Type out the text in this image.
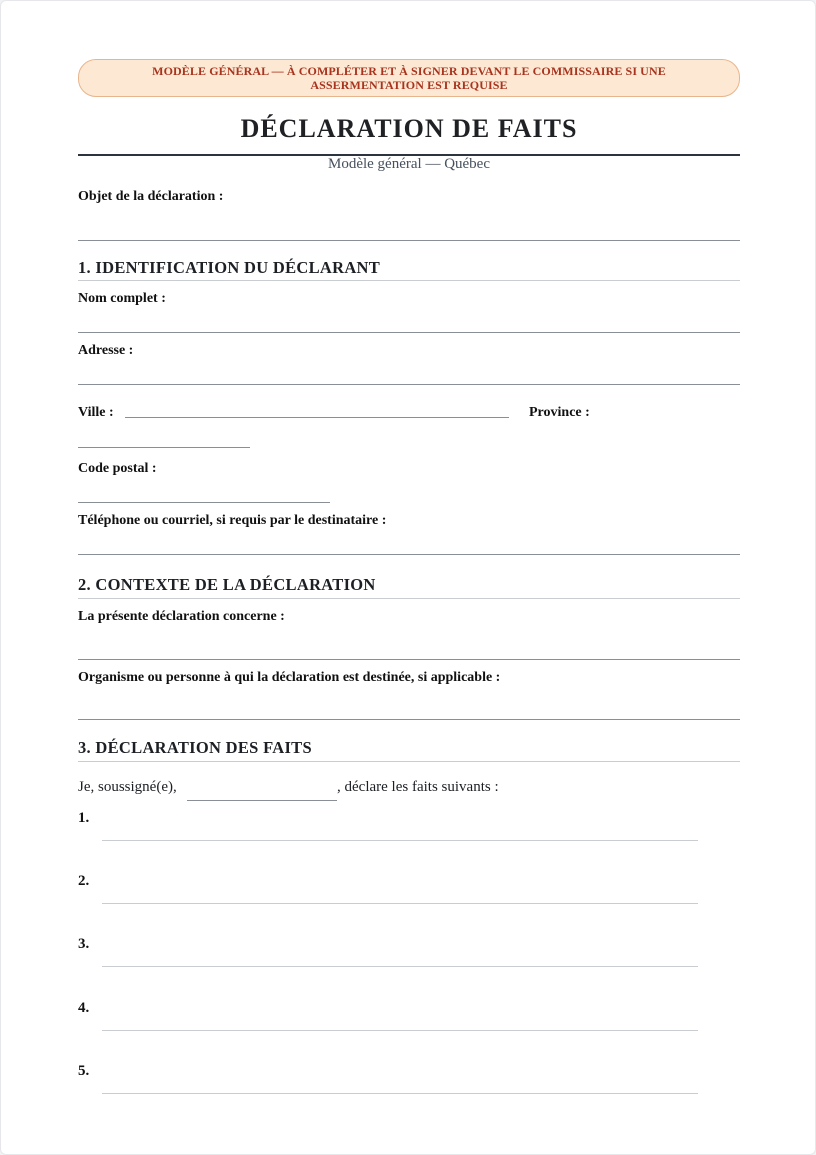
MODÈLE GÉNÉRAL — À COMPLÉTER ET À SIGNER DEVANT LE COMMISSAIRE SI UNE ASSERMENTATION EST REQUISE
DÉCLARATION DE FAITS
Modèle général — Québec
Objet de la déclaration :
1. IDENTIFICATION DU DÉCLARANT
Nom complet :
Adresse :
Ville :	Province :
Code postal :
Téléphone ou courriel, si requis par le destinataire :
2. CONTEXTE DE LA DÉCLARATION
La présente déclaration concerne :
Organisme ou personne à qui la déclaration est destinée, si applicable :
3. DÉCLARATION DES FAITS
Je, soussigné(e),	, déclare les faits suivants :
1.
2.
3.
4.
5.
